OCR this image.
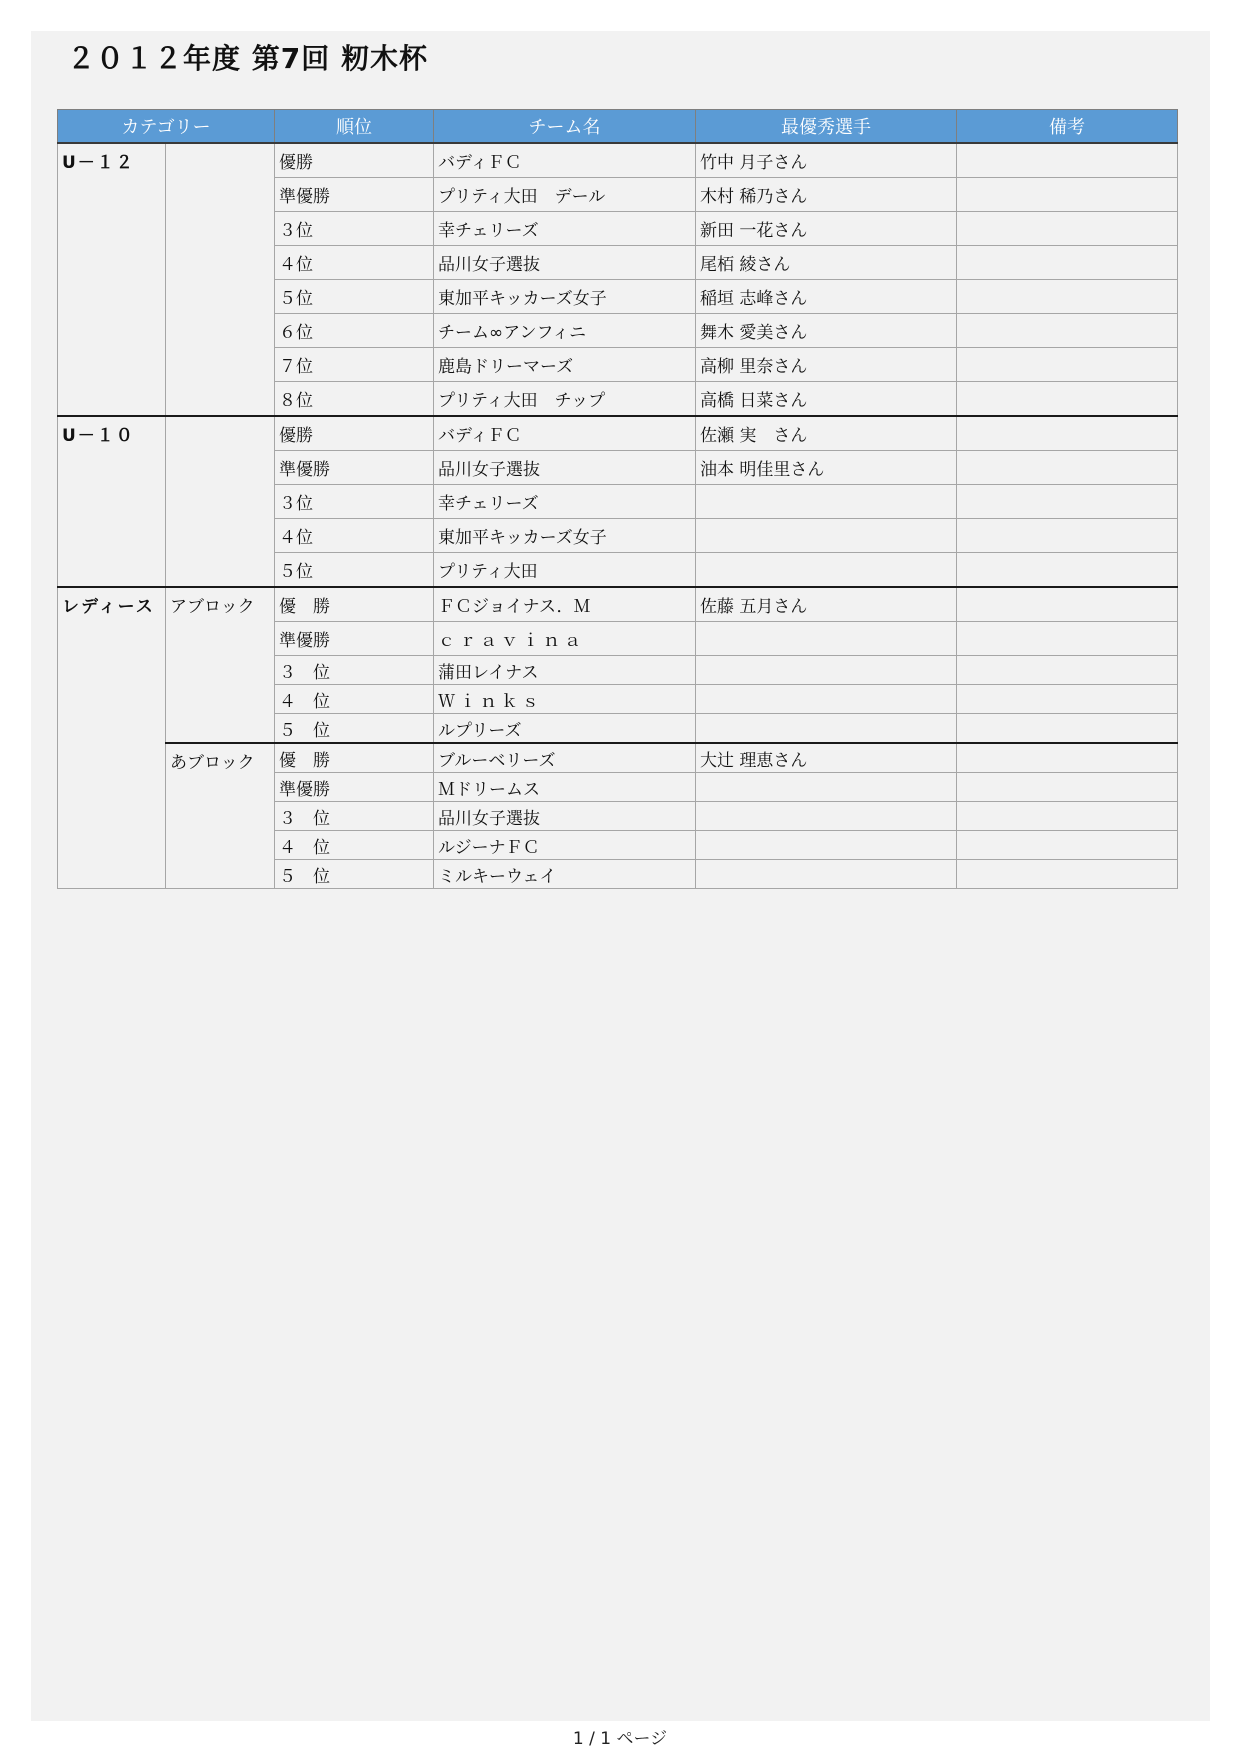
２０１２年度 第7回 籾木杯
カテゴリー		順位	チーム名	最優秀選手	備考
U－１２		優勝	バディＦＣ	竹中 月子さん	
		準優勝	プリティ大田　デール	木村 稀乃さん	
		３位	幸チェリーズ	新田 一花さん	
		４位	品川女子選抜	尾栢 綾さん	
		５位	東加平キッカーズ女子	稲垣 志峰さん	
		６位	チーム∞アンフィニ	舞木 愛美さん	
		７位	鹿島ドリーマーズ	高柳 里奈さん	
		８位	プリティ大田　チップ	高橋 日菜さん	
U－１０		優勝	バディＦＣ	佐瀬 実　さん	
		準優勝	品川女子選抜	油本 明佳里さん	
		３位	幸チェリーズ		
		４位	東加平キッカーズ女子		
		５位	プリティ大田		
レディース	アブロック	優　勝	ＦＣジョイナス．Ｍ	佐藤 五月さん	
		準優勝	ｃｒａｖｉｎａ		
		３　位	蒲田レイナス		
		４　位	Ｗｉｎｋｓ		
		５　位	ルプリーズ		
	あブロック	優　勝	ブルーベリーズ	大辻 理恵さん	
		準優勝	Ｍドリームス		
		３　位	品川女子選抜		
		４　位	ルジーナＦＣ		
		５　位	ミルキーウェイ		
1 / 1 ページ
